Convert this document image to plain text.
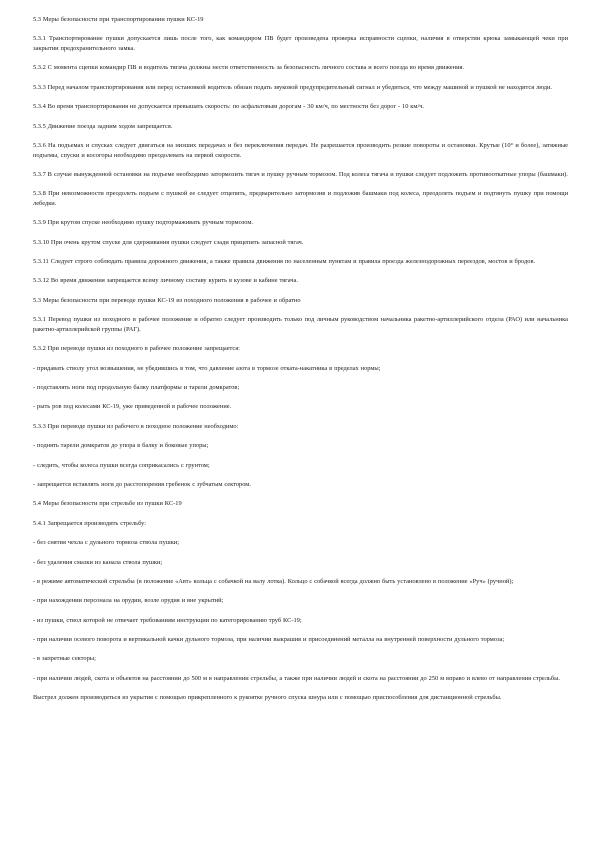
5.3 Меры безопасности при транспортировании пушки КС-19

5.3.1 Транспортирование пушки допускается лишь после того, как командиром ПВ будет произведена проверка исправности сцепки, наличия в отверстии крюка замыкающей чеки при закрытии предохранительного замка.

5.3.2 С момента сцепки командир ПВ и водитель тягача должны нести ответственность за безопасность личного состава и всего поезда во время движения.

5.3.3 Перед началом транспортирования или перед остановкой водитель обязан подать звуковой предупредительный сигнал и убедиться, что между машиной и пушкой не находится люди.

5.3.4 Во время транспортирования не допускается превышать скорость: по асфальтовым дорогам - 30 км/ч, по местности без дорог - 10 км/ч.

5.3.5 Движение поезда задним ходом запрещается.

5.3.6 На подъемах и спусках следует двигаться на низших передачах и без переключения передач. Не разрешается производить резкие повороты и остановки. Крутые (10° и более), затяжные подъемы, спуски и косогоры необходимо преодолевать на первой скорости.

5.3.7 В случае вынужденной остановки на подъеме необходимо затормозить тягач и пушку ручным тормозом. Под колеса тягача и пушки следует подложить противооткатные упоры (башмаки).

5.3.8 При невозможности преодолеть подъем с пушкой ее следует отцепить, предварительно затормозив и подложив башмаки под колеса, преодолеть подъем и подтянуть пушку при помощи лебедки.

5.3.9 При крутом спуске необходимо пушку подтормаживать ручным тормозом.

5.3.10 При очень крутом спуске для сдерживания пушки следует сзади прицепить запасной тягач.

5.3.11 Следует строго соблюдать правила дорожного движения, а также правила движения по населенным пунктам и правила проезда железнодорожных переездов, мостов и бродов.

5.3.12 Во время движения запрещается всему личному составу курить в кузове и кабине тягача.

5.3 Меры безопасности при переводе пушки КС-19 из походного положения в рабочее и обратно

5.3.1 Перевод пушки из походного в рабочее положение и обратно следует производить только под личным руководством начальника ракетно-артиллерийского отдела (РАО) или начальника ракетно-артиллерийской группы (РАГ).

5.3.2 При переводе пушки из походного в рабочее положение запрещается:

- придавать стволу угол возвышения, не убедившись в том, что давление азота в тормозе отката-накатника в пределах нормы;

- подставлять ноги под продольную балку платформы и тарели домкратов;

- рыть ров под колесами КС-19, уже приведенной в рабочее положение.

5.3.3 При переводе пушки из рабочего в походное положение необходимо:

- поднять тарели домкратов до упора в балку и боковые упоры;

- следить, чтобы колеса пушки всегда соприкасались с грунтом;

- запрещается вставлять ноги до расстопорения гребенок с зубчатым сектором.

5.4 Меры безопасности при стрельбе из пушки КС-19

5.4.1 Запрещается производить стрельбу:

- без снятия чехла с дульного тормоза ствола пушки;

- без удаления смазки из канала ствола пушки;

- в режиме автоматической стрельбы (в положение «Авт» кольца с собачкой на валу лотка). Кольцо с собачкой всегда должно быть установлено в положение «Руч» (ручной);

- при нахождении персонала на орудии, возле орудия и вне укрытий;

- из пушки, ствол которой не отвечает требованиям инструкции по категорированию труб КС-19;

- при наличии осевого поворота и вертикальной качки дульного тормоза, при наличии выкрашив и присоединений металла на внутренней поверхности дульного тормоза;

- в запретные секторы;

- при наличии людей, скота и объектов на расстоянии до 500 м в направлении стрельбы, а также при наличии людей и скота на расстоянии до 250 м вправо и влево от направления стрельбы.

Выстрел должен производиться из укрытия с помощью прикрепленного к рукоятке ручного спуска шнура или с помощью приспособления для дистанционной стрельбы.
